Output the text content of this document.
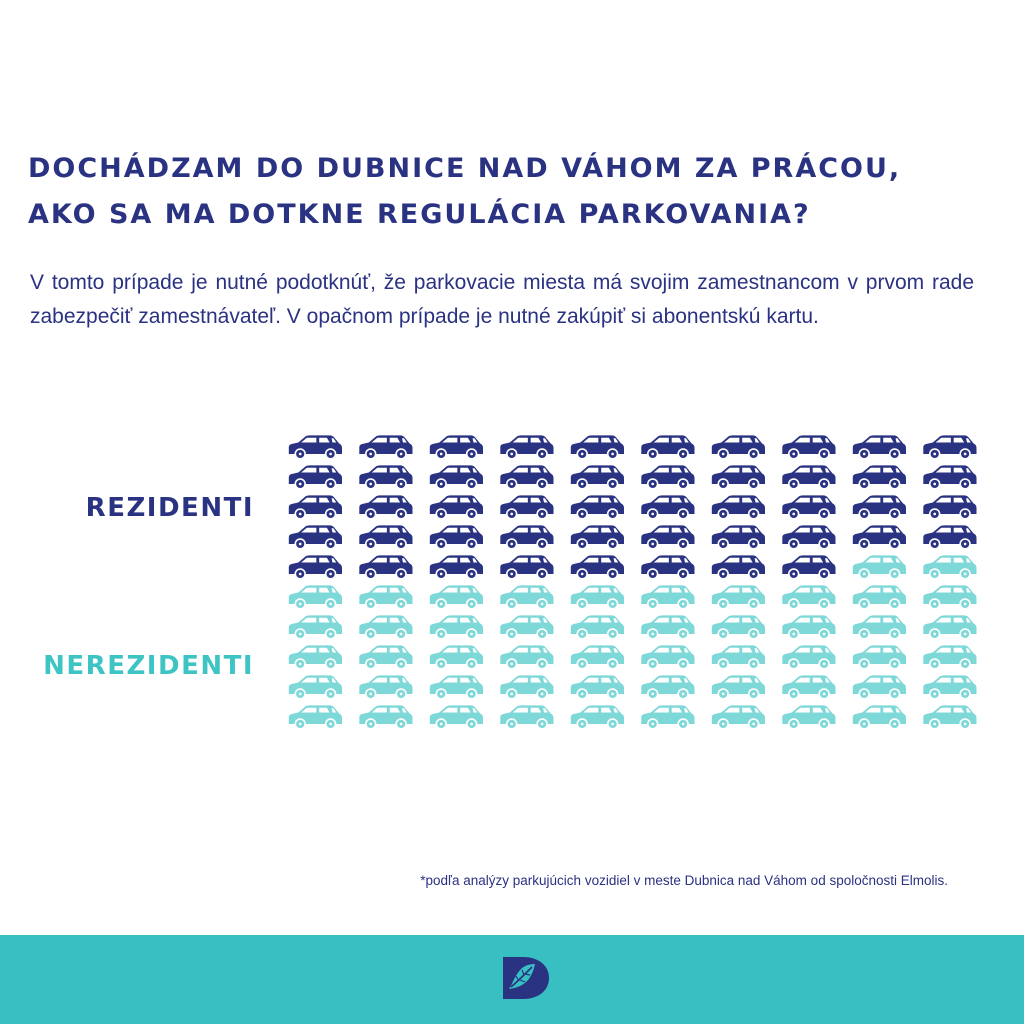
DOCHÁDZAM DO DUBNICE NAD VÁHOM ZA PRÁCOU,
AKO SA MA DOTKNE REGULÁCIA PARKOVANIA?

V tomto prípade je nutné podotknúť, že parkovacie miesta má svojim zamestnancom v prvom rade zabezpečiť zamestnávateľ. V opačnom prípade je nutné zakúpiť si abonentskú kartu.

REZIDENTI
NEREZIDENTI

*podľa analýzy parkujúcich vozidiel v meste Dubnica nad Váhom od spoločnosti Elmolis.
